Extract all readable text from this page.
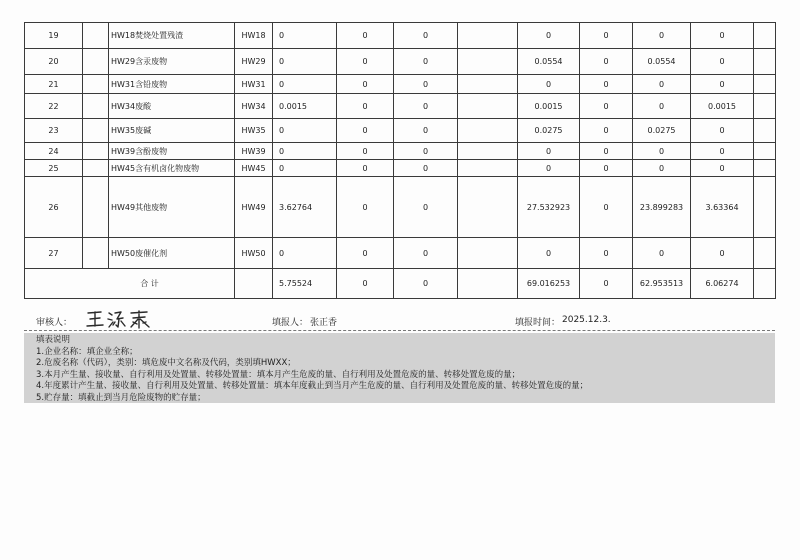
19		HW18焚烧处置残渣	HW18	0	0	0		0	0	0	0	
20		HW29含汞废物	HW29	0	0	0		0.0554	0	0.0554	0	
21		HW31含铅废物	HW31	0	0	0		0	0	0	0	
22		HW34废酸	HW34	0.0015	0	0		0.0015	0	0	0.0015	
23		HW35废碱	HW35	0	0	0		0.0275	0	0.0275	0	
24		HW39含酚废物	HW39	0	0	0		0	0	0	0	
25		HW45含有机卤化物废物	HW45	0	0	0		0	0	0	0	
26		HW49其他废物	HW49	3.62764	0	0		27.532923	0	23.899283	3.63364	
27		HW50废催化剂	HW50	0	0	0		0	0	0	0	
合 计				5.75524	0	0		69.016253	0	62.953513	6.06274	
审核人：	填报人： 张正香	填报时间： 2025.12.3.
填表说明
1.企业名称：填企业全称；
2.危废名称（代码），类别：填危废中文名称及代码，类别填HWXX；
3.本月产生量、接收量、自行利用及处置量、转移处置量：填本月产生危废的量、自行利用及处置危废的量、转移处置危废的量；
4.年度累计产生量、接收量、自行利用及处置量、转移处置量：填本年度截止到当月产生危废的量、自行利用及处置危废的量、转移处置危废的量；
5.贮存量：填截止到当月危险废物的贮存量；
